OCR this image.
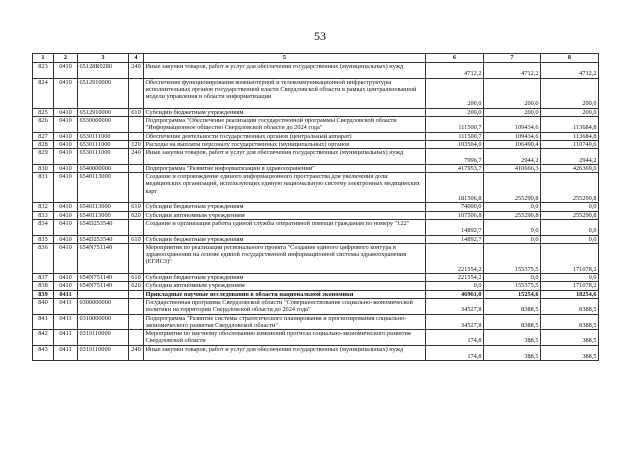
53
1	2	3	4	5	6	7	8
823	0410	65128R0280	240	Иные закупки товаров, работ и услуг для обеспечения государственных (муниципальных) нужд	4712,2	4712,2	4712,2
824	0410	6512910000		Обеспечение функционирования компьютерной и телекоммуникационной инфраструктуры исполнительных органов государственной власти Свердловской области в рамках централизованной модели управления в области информатизации	200,0	200,0	200,0
825	0410	6512910000	610	Субсидии бюджетным учреждениям	200,0	200,0	200,0
826	0410	6530000000		Подпрограмма "Обеспечение реализации государственной программы Свердловской области "Информационное общество Свердловской области до 2024 года"	111500,7	109434,6	113684,8
827	0410	6530111000		Обеспечение деятельности государственных органов (центральный аппарат)	111500,7	109434,6	113684,8
828	0410	6530111000	120	Расходы на выплаты персоналу государственных (муниципальных) органов	103504,0	106490,4	110740,6
829	0410	6530111000	240	Иные закупки товаров, работ и услуг для обеспечения государственных (муниципальных) нужд	7996,7	2944,2	2944,2
830	0410	6540000000		Подпрограмма "Развитие информатизации в здравоохранении"	417953,7	410666,3	426369,0
831	0410	6540113000		Создание и сопровождение единого информационного пространства для увеличения доли медицинских организаций, использующих единую национальную систему электронных медицинских карт	181506,8	255290,8	255290,8
832	0410	6540113000	610	Субсидии бюджетным учреждениям	74000,0	0,0	0,0
833	0410	6540113000	620	Субсидии автономным учреждениям	107506,8	255290,8	255290,8
834	0410	654D253540		Создание и организация работы единой службы оперативной помощи гражданам по номеру "122"	14892,7	0,0	0,0
835	0410	654D253540	610	Субсидии бюджетным учреждениям	14892,7	0,0	0,0
836	0410	654N751140		Мероприятия по реализации регионального проекта "Создание единого цифрового контура в здравоохранении на основе единой государственной информационной системы здравоохранения (ЕГИСЗ)"	221554,2	155375,5	171078,2
837	0410	654N751140	610	Субсидии бюджетным учреждениям	221554,2	0,0	0,0
838	0410	654N751140	620	Субсидии автономным учреждениям	0,0	155375,5	171078,2
839	0411			Прикладные научные исследования в области национальной экономики	46961,0	15254,6	18254,6
840	0411	0300000000		Государственная программа Свердловской области "Совершенствование социально-экономической политики на территории Свердловской области до 2024 года"	34527,8	8388,5	8388,5
841	0411	0310000000		Подпрограмма "Развитие системы стратегического планирования и прогнозирования социально-экономического развития Свердловской области"	34527,8	8388,5	8388,5
842	0411	0310110000		Мероприятия по научному обоснованию изменений прогноза социально-экономического развития Свердловской области	174,8	388,5	388,5
843	0411	0310110000	240	Иные закупки товаров, работ и услуг для обеспечения государственных (муниципальных) нужд	174,8	388,5	388,5
